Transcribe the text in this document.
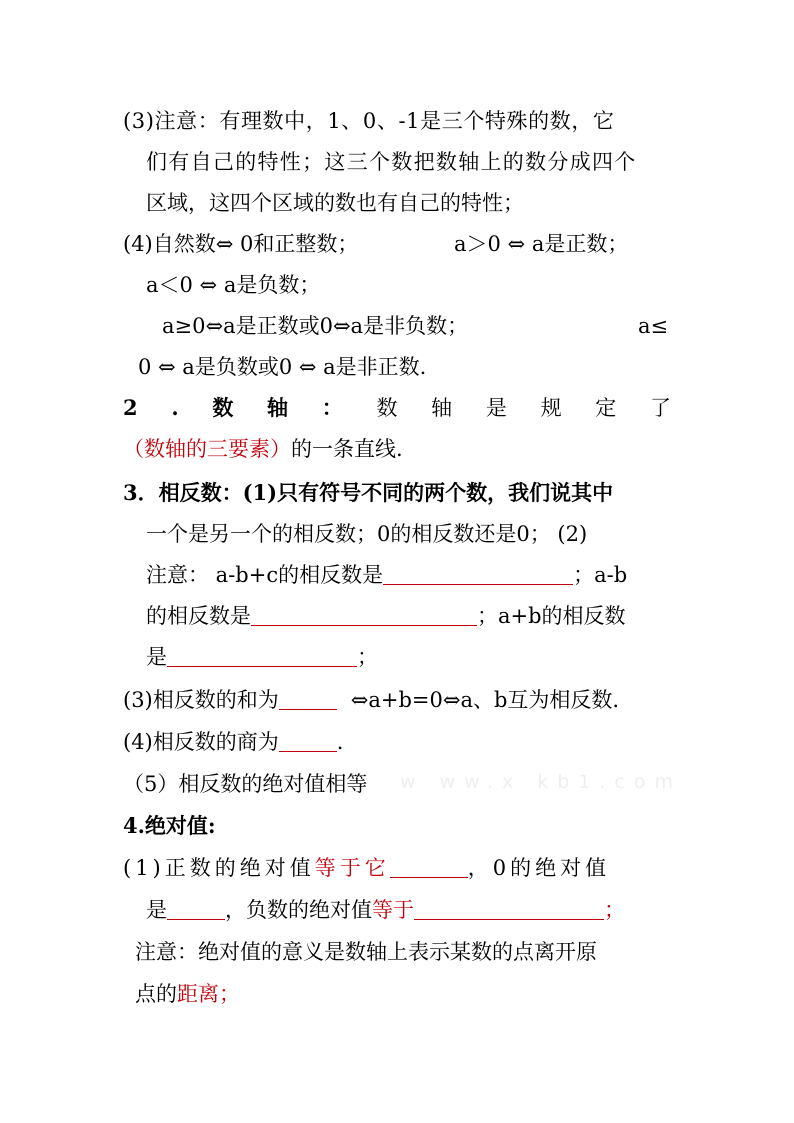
(3)注意：有理数中，1、0、-1是三个特殊的数，它
们有自己的特性；这三个数把数轴上的数分成四个
区域，这四个区域的数也有自己的特性；
(4)自然数⇔ 0和正整数；	a＞0 ⇔ a是正数；
a＜0 ⇔ a是负数；
a≥0⇔a是正数或0⇔a是非负数；	a≤
0 ⇔ a是负数或0 ⇔ a是非正数.
2 . 数 轴 ： 数 轴 是 规 定 了
（数轴的三要素）的一条直线.
3．相反数：(1)只有符号不同的两个数，我们说其中
一个是另一个的相反数；0的相反数还是0； (2)
注意： a-b+c的相反数是	；a-b
的相反数是	；a+b的相反数
是	；
(3)相反数的和为	⇔a+b=0⇔a、b互为相反数.
(4)相反数的商为	.
（5）相反数的绝对值相等 w ww.x kb1.com
4.绝对值:
(1)正数的绝对值等于它	，0的绝对值
是	，负数的绝对值等于	；
注意：绝对值的意义是数轴上表示某数的点离开原
点的距离；
